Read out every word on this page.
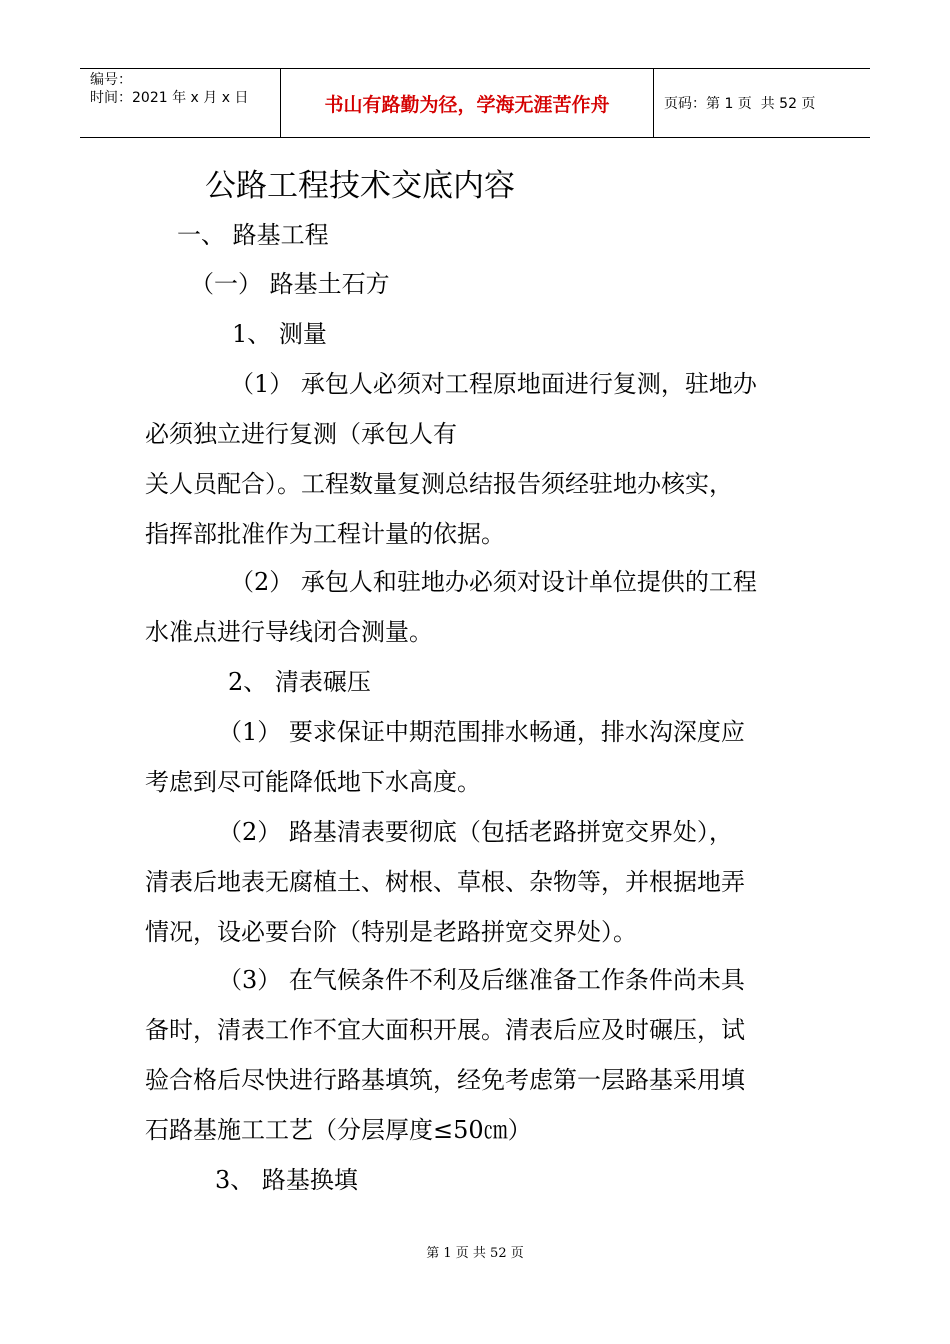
编号：
时间：2021 年 x 月 x 日	书山有路勤为径，学海无涯苦作舟	页码：第 1 页  共 52 页
公路工程技术交底内容
一、 路基工程
（一） 路基土石方
1、 测量
（1） 承包人必须对工程原地面进行复测，驻地办
必须独立进行复测（承包人有
关人员配合）。工程数量复测总结报告须经驻地办核实，
指挥部批准作为工程计量的依据。
（2） 承包人和驻地办必须对设计单位提供的工程
水准点进行导线闭合测量。
2、 清表碾压
（1） 要求保证中期范围排水畅通，排水沟深度应
考虑到尽可能降低地下水高度。
（2） 路基清表要彻底（包括老路拼宽交界处），
清表后地表无腐植土、树根、草根、杂物等，并根据地弄
情况，设必要台阶（特别是老路拼宽交界处）。
（3） 在气候条件不利及后继准备工作条件尚未具
备时，清表工作不宜大面积开展。清表后应及时碾压，试
验合格后尽快进行路基填筑，经免考虑第一层路基采用填
石路基施工工艺（分层厚度≤50㎝）
3、 路基换填
第 1 页 共 52 页
